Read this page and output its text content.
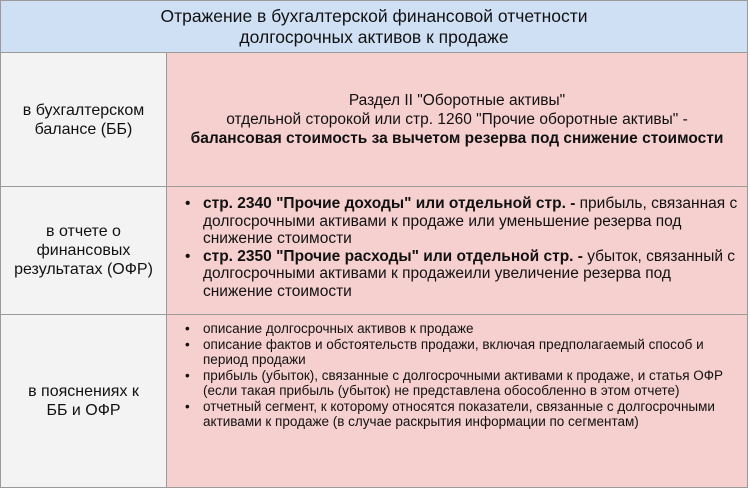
Отражение в бухгалтерской финансовой отчетности
долгосрочных активов к продаже
в бухгалтерском
балансе (ББ)
Раздел II "Оборотные активы"
отдельной сторокой или стр. 1260 "Прочие оборотные активы" -
балансовая стоимость за вычетом резерва под снижение стоимости
в отчете о
финансовых
результатах (ОФР)
• стр. 2340 "Прочие доходы" или отдельной стр. - прибыль, связанная с долгосрочными активами к продаже или уменьшение резерва под снижение стоимости
• стр. 2350 "Прочие расходы" или отдельной стр. - убыток, связанный с долгосрочными активами к продажеили увеличение резерва под снижение стоимости
в пояснениях к
ББ и ОФР
• описание долгосрочных активов к продаже
• описание фактов и обстоятельств продажи, включая предполагаемый способ и период продажи
• прибыль (убыток), связанные с долгосрочными активами к продаже, и статья ОФР (если такая прибыль (убыток) не представлена обособленно в этом отчете)
• отчетный сегмент, к которому относятся показатели, связанные с долгосрочными активами к продаже (в случае раскрытия информации по сегментам)
